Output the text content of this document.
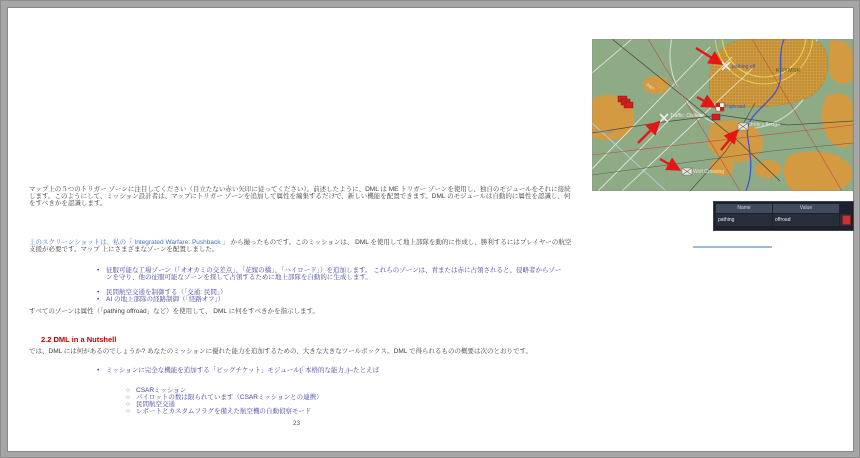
マップ上の５つのトリガー ゾーンに注目してください（目立たない赤い矢印に従ってください）。前述したように、DML は ME トリガー ゾーンを使用し、独自のモジュールをそれに接続します。このようにして、ミッション設計者は、マップにトリガー ゾーンを追加して属性を編集するだけで、新しい機能を配置できます。DML のモジュールは自動的に属性を認識し、何をすべきかを認識します。
上のスクリーンショットは、私の「 Integrated Warfare: Pushback 」 から撮ったものです。このミッションは、 DML を使用して地上部隊を動的に作成し、勝利するにはプレイヤーの航空支援が必要です。マップ 上にさまざまなゾーンを配置しました。
• 征服可能な工場ゾーン（「オオカミの交差点」、「花嫁の橋」、「ハイロード」）を追加します。 これらのゾーンは、青または赤に占領されると、侵略者からゾーンを守り、他の征服可能なゾーンを探して占領するために地上部隊を自動的に生成します。
• 民間航空交通を制御する（「交通: 民間」）
• AI の地上部隊の経路制御（「経路オフ」）
すべてのゾーンは属性（「pathing offroad」など）を使用して、 DML に何をすべきかを指示します。
2.2 DML in a Nutshell
では、DML には何があるのでしょうか? あなたのミッションに優れた能力を追加するための、大きな大きなツールボックス。DML で得られるものの概要は次のとおりです。
• ミッションに完全な機能を追加する「ビッグチケット」モジュール(「本格的な能力」)–たとえば
○ CSARミッション
○ パイロットの数は限られています（CSARミッションとの連携）
○ 民間航空交通
○ レポートとカスタムフラグを備えた航空機の自動偵察モード
23
pathing off
KRYMSK
Traffic: Civilian
Highroad
Bride's Bridge
Wolf Crossing
Saukdere
2427
Name	Value
pathing	offroad
